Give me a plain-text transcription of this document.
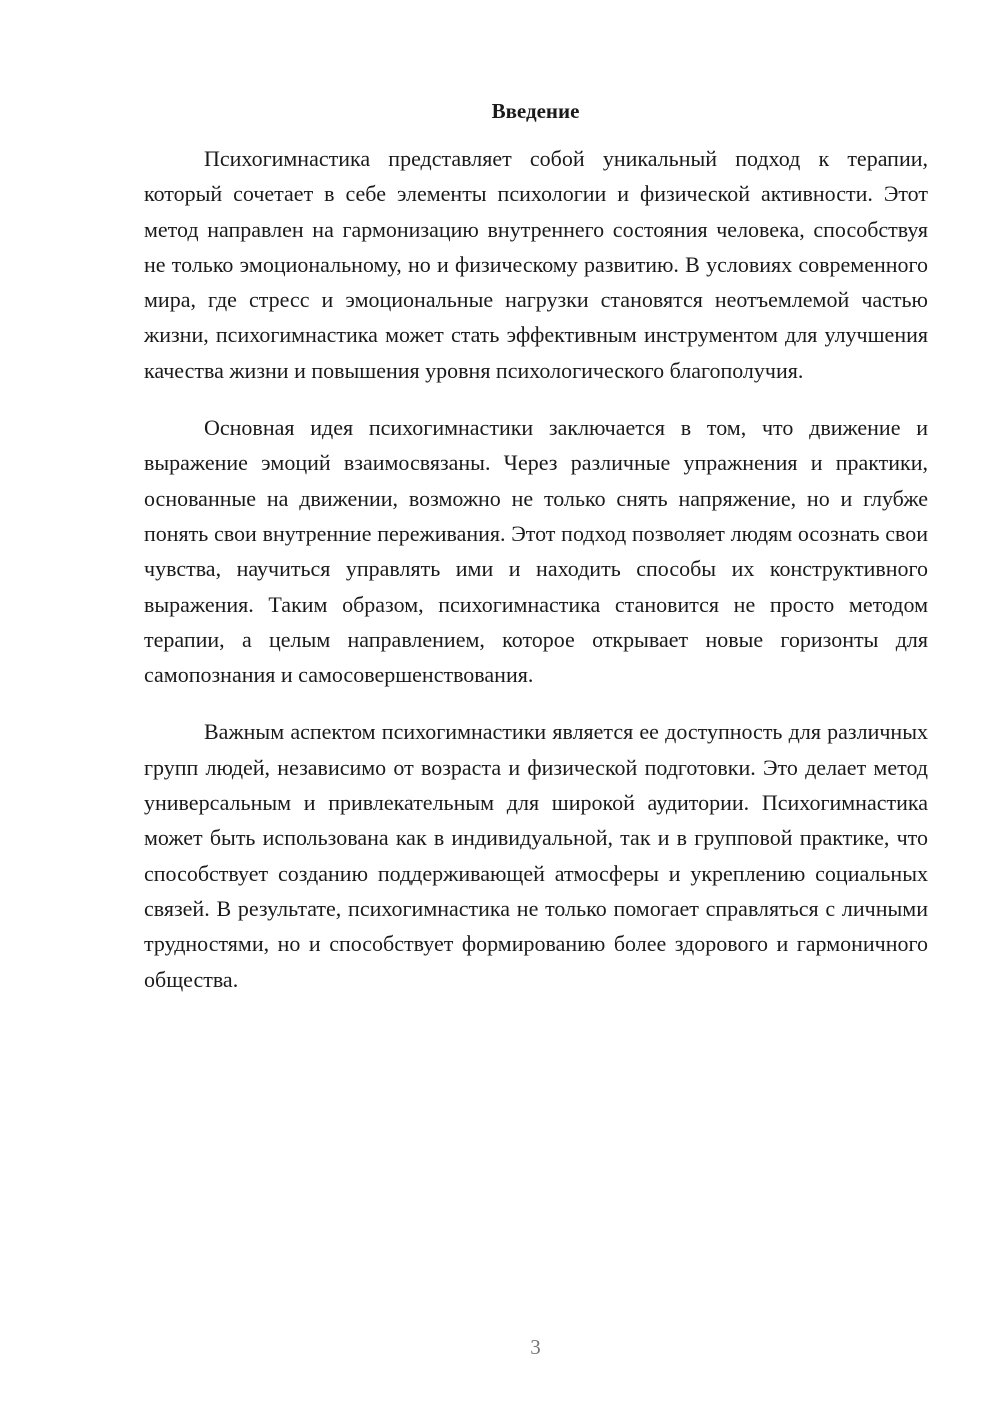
Введение

Психогимнастика представляет собой уникальный подход к терапии, который сочетает в себе элементы психологии и физической активности. Этот метод направлен на гармонизацию внутреннего состояния человека, способствуя не только эмоциональному, но и физическому развитию. В условиях современного мира, где стресс и эмоциональные нагрузки становятся неотъемлемой частью жизни, психогимнастика может стать эффективным инструментом для улучшения качества жизни и повышения уровня психологического благополучия.

Основная идея психогимнастики заключается в том, что движение и выражение эмоций взаимосвязаны. Через различные упражнения и практики, основанные на движении, возможно не только снять напряжение, но и глубже понять свои внутренние переживания. Этот подход позволяет людям осознать свои чувства, научиться управлять ими и находить способы их конструктивного выражения. Таким образом, психогимнастика становится не просто методом терапии, а целым направлением, которое открывает новые горизонты для самопознания и самосовершенствования.

Важным аспектом психогимнастики является ее доступность для различных групп людей, независимо от возраста и физической подготовки. Это делает метод универсальным и привлекательным для широкой аудитории. Психогимнастика может быть использована как в индивидуальной, так и в групповой практике, что способствует созданию поддерживающей атмосферы и укреплению социальных связей. В результате, психогимнастика не только помогает справляться с личными трудностями, но и способствует формированию более здорового и гармоничного общества.

3
